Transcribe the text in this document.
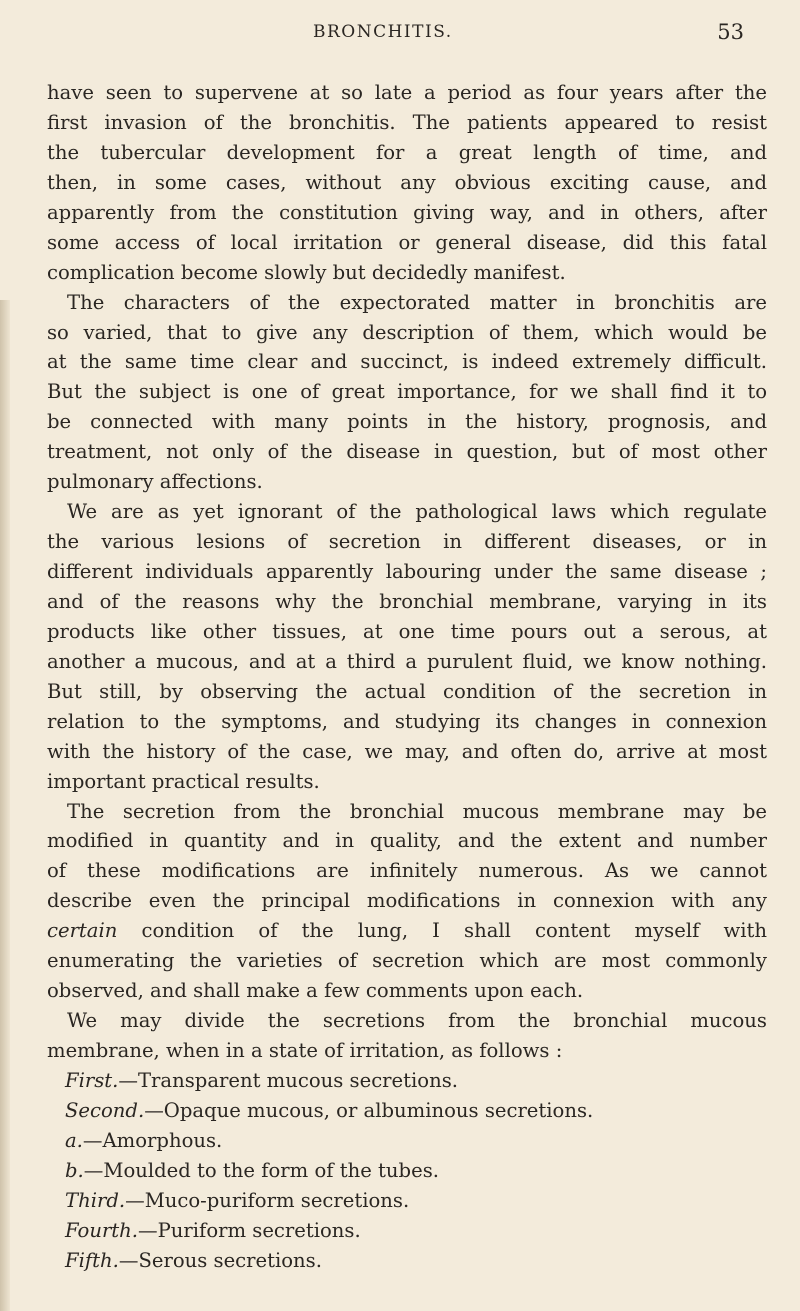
BRONCHITIS.	53
have seen to supervene at so late a period as four years after the
first invasion of the bronchitis. The patients appeared to resist
the tubercular development for a great length of time, and
then, in some cases, without any obvious exciting cause, and
apparently from the constitution giving way, and in others, after
some access of local irritation or general disease, did this fatal
complication become slowly but decidedly manifest.
The characters of the expectorated matter in bronchitis are
so varied, that to give any description of them, which would be
at the same time clear and succinct, is indeed extremely difficult.
But the subject is one of great importance, for we shall find it to
be connected with many points in the history, prognosis, and
treatment, not only of the disease in question, but of most other
pulmonary affections.
We are as yet ignorant of the pathological laws which regulate
the various lesions of secretion in different diseases, or in
different individuals apparently labouring under the same disease ;
and of the reasons why the bronchial membrane, varying in its
products like other tissues, at one time pours out a serous, at
another a mucous, and at a third a purulent fluid, we know nothing.
But still, by observing the actual condition of the secretion in
relation to the symptoms, and studying its changes in connexion
with the history of the case, we may, and often do, arrive at most
important practical results.
The secretion from the bronchial mucous membrane may be
modified in quantity and in quality, and the extent and number
of these modifications are infinitely numerous. As we cannot
describe even the principal modifications in connexion with any
certain condition of the lung, I shall content myself with
enumerating the varieties of secretion which are most commonly
observed, and shall make a few comments upon each.
We may divide the secretions from the bronchial mucous
membrane, when in a state of irritation, as follows :
First.—Transparent mucous secretions.
Second.—Opaque mucous, or albuminous secretions.
a.—Amorphous.
b.—Moulded to the form of the tubes.
Third.—Muco-puriform secretions.
Fourth.—Puriform secretions.
Fifth.—Serous secretions.
